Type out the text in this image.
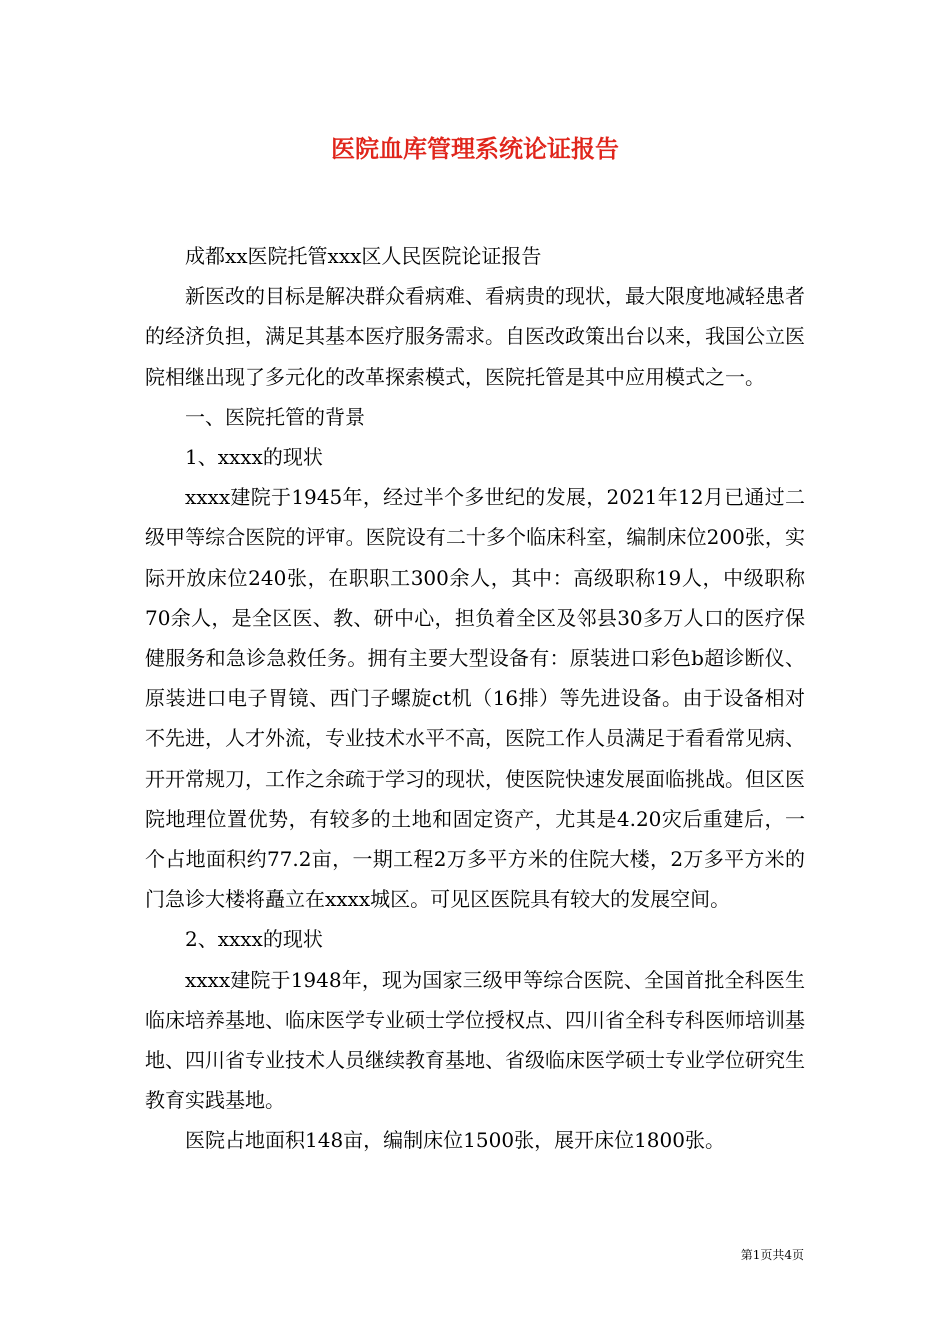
医院血库管理系统论证报告

成都xx医院托管xxx区人民医院论证报告

新医改的目标是解决群众看病难、看病贵的现状，最大限度地减轻患者的经济负担，满足其基本医疗服务需求。自医改政策出台以来，我国公立医院相继出现了多元化的改革探索模式，医院托管是其中应用模式之一。

一、医院托管的背景

1、xxxx的现状

xxxx建院于1945年，经过半个多世纪的发展，2021年12月已通过二级甲等综合医院的评审。医院设有二十多个临床科室，编制床位200张，实际开放床位240张，在职职工300余人，其中：高级职称19人，中级职称70余人，是全区医、教、研中心，担负着全区及邻县30多万人口的医疗保健服务和急诊急救任务。拥有主要大型设备有：原装进口彩色b超诊断仪、原装进口电子胃镜、西门子螺旋ct机（16排）等先进设备。由于设备相对不先进，人才外流，专业技术水平不高，医院工作人员满足于看看常见病、开开常规刀，工作之余疏于学习的现状，使医院快速发展面临挑战。但区医院地理位置优势，有较多的土地和固定资产，尤其是4.20灾后重建后，一个占地面积约77.2亩，一期工程2万多平方米的住院大楼，2万多平方米的门急诊大楼将矗立在xxxx城区。可见区医院具有较大的发展空间。

2、xxxx的现状

xxxx建院于1948年，现为国家三级甲等综合医院、全国首批全科医生临床培养基地、临床医学专业硕士学位授权点、四川省全科专科医师培训基地、四川省专业技术人员继续教育基地、省级临床医学硕士专业学位研究生教育实践基地。

医院占地面积148亩，编制床位1500张，展开床位1800张。

第1页共4页
